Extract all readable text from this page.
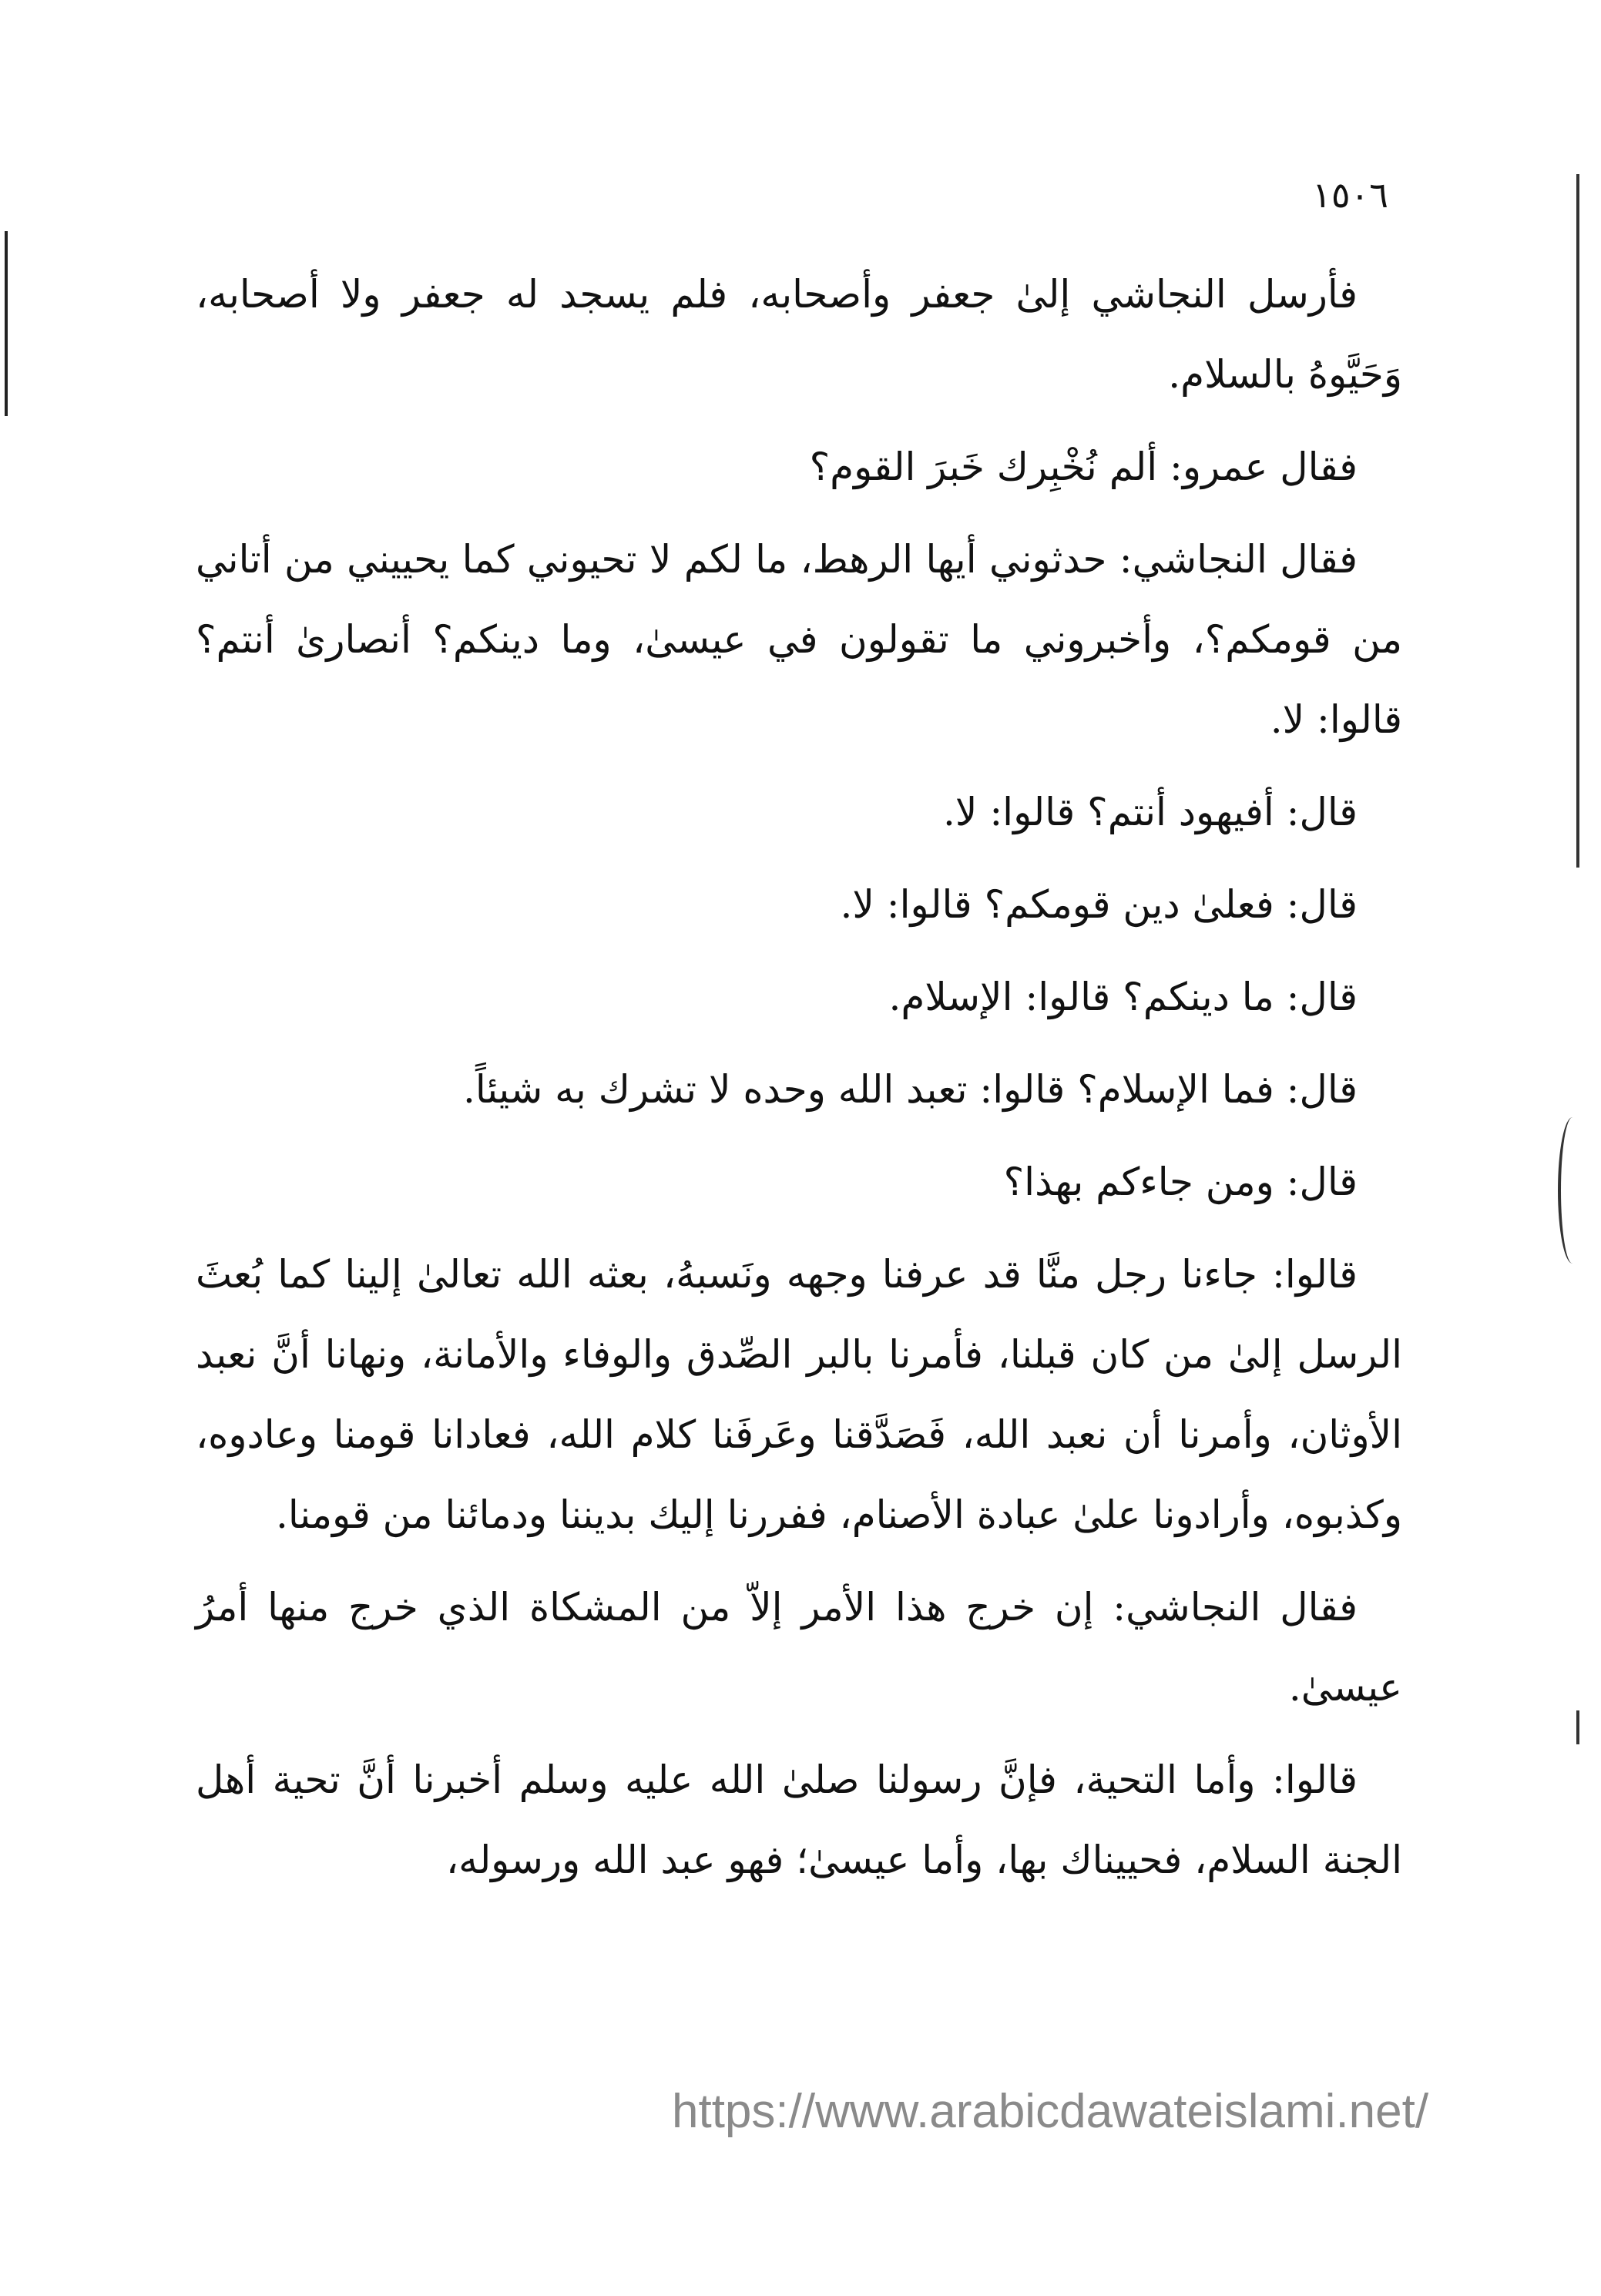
١٥٠٦

فأرسل النجاشي إلىٰ جعفر وأصحابه، فلم يسجد له جعفر ولا أصحابه، وَحَيَّوهُ بالسلام.

فقال عمرو: ألم نُخْبِرك خَبرَ القوم؟

فقال النجاشي: حدثوني أيها الرهط، ما لكم لا تحيوني كما يحييني من أتاني من قومكم؟، وأخبروني ما تقولون في عيسىٰ، وما دينكم؟ أنصارىٰ أنتم؟ قالوا: لا.

قال: أفيهود أنتم؟ قالوا: لا.

قال: فعلىٰ دين قومكم؟ قالوا: لا.

قال: ما دينكم؟ قالوا: الإسلام.

قال: فما الإسلام؟ قالوا: تعبد الله وحده لا تشرك به شيئاً.

قال: ومن جاءكم بهذا؟

قالوا: جاءنا رجل منَّا قد عرفنا وجهه ونَسبهُ، بعثه الله تعالىٰ إلينا كما بُعثَ الرسل إلىٰ من كان قبلنا، فأمرنا بالبر الصِّدق والوفاء والأمانة، ونهانا أنَّ نعبد الأوثان، وأمرنا أن نعبد الله، فَصَدَّقنا وعَرفَنا كلام الله، فعادانا قومنا وعادوه، وكذبوه، وأرادونا علىٰ عبادة الأصنام، ففررنا إليك بديننا ودمائنا من قومنا.

فقال النجاشي: إن خرج هذا الأمر إلاّ من المشكاة الذي خرج منها أمرُ عيسىٰ.

قالوا: وأما التحية، فإنَّ رسولنا صلىٰ الله عليه وسلم أخبرنا أنَّ تحية أهل الجنة السلام، فحييناك بها، وأما عيسىٰ؛ فهو عبد الله ورسوله،

https://www.arabicdawateislami.net/
